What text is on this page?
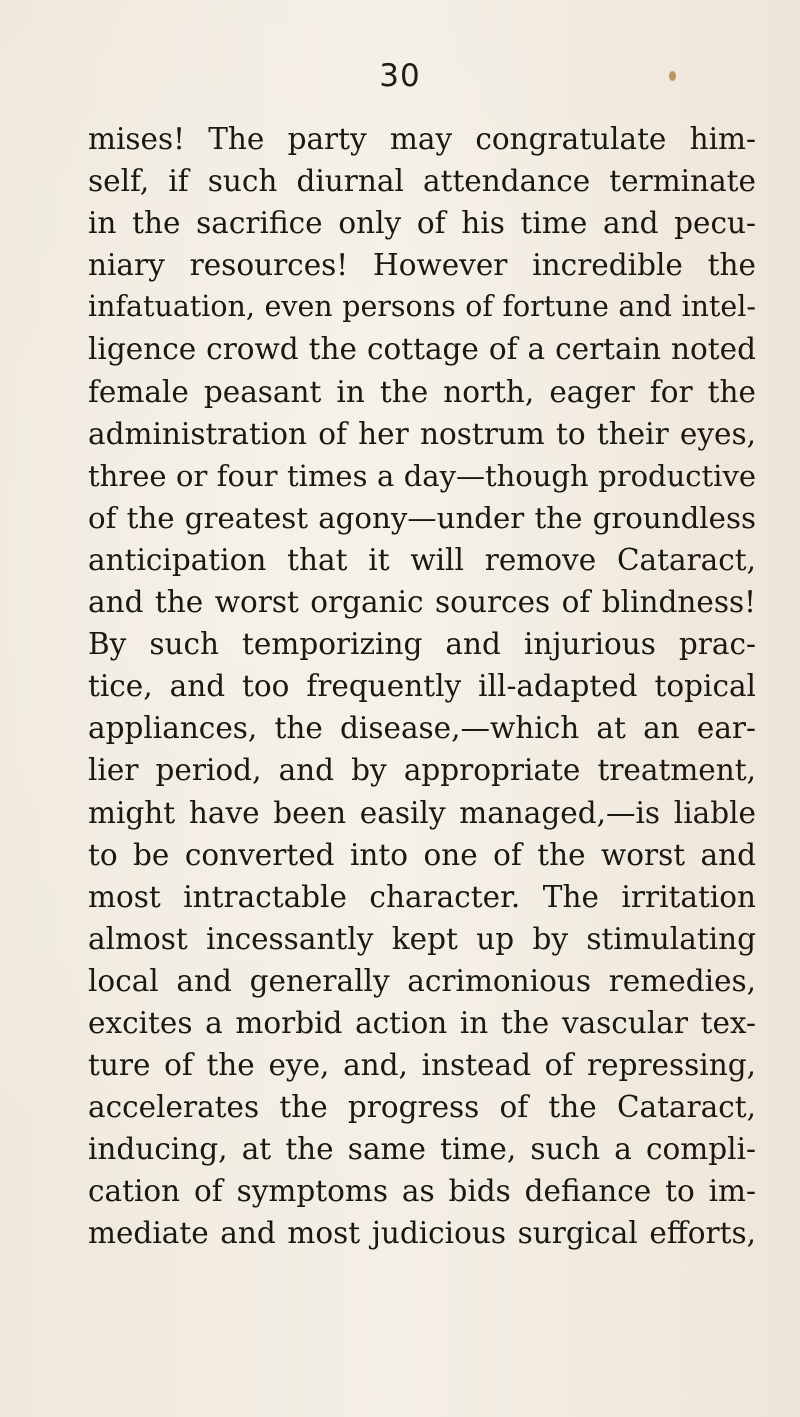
30
mises! The party may congratulate him-
self, if such diurnal attendance terminate
in the sacrifice only of his time and pecu-
niary resources! However incredible the
infatuation, even persons of fortune and intel-
ligence crowd the cottage of a certain noted
female peasant in the north, eager for the
administration of her nostrum to their eyes,
three or four times a day—though productive
of the greatest agony—under the groundless
anticipation that it will remove Cataract,
and the worst organic sources of blindness!
By such temporizing and injurious prac-
tice, and too frequently ill-adapted topical
appliances, the disease,—which at an ear-
lier period, and by appropriate treatment,
might have been easily managed,—is liable
to be converted into one of the worst and
most intractable character. The irritation
almost incessantly kept up by stimulating
local and generally acrimonious remedies,
excites a morbid action in the vascular tex-
ture of the eye, and, instead of repressing,
accelerates the progress of the Cataract,
inducing, at the same time, such a compli-
cation of symptoms as bids defiance to im-
mediate and most judicious surgical efforts,
